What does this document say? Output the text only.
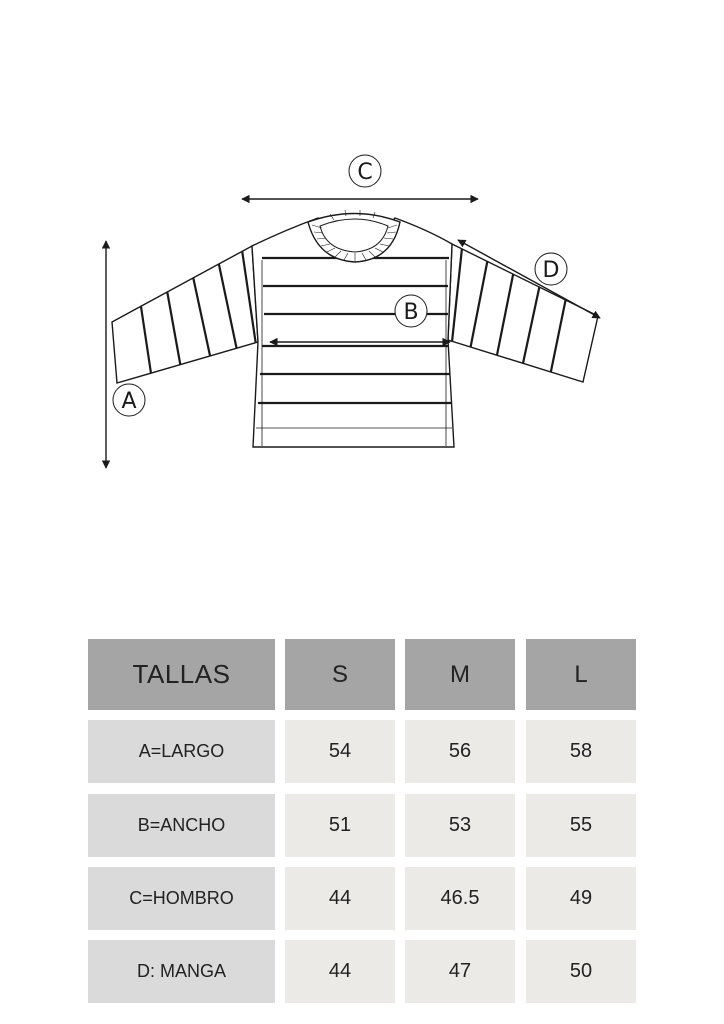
A
B
C
D
TALLAS	S	M	L
A=LARGO	54	56	58
B=ANCHO	51	53	55
C=HOMBRO	44	46.5	49
D: MANGA	44	47	50
